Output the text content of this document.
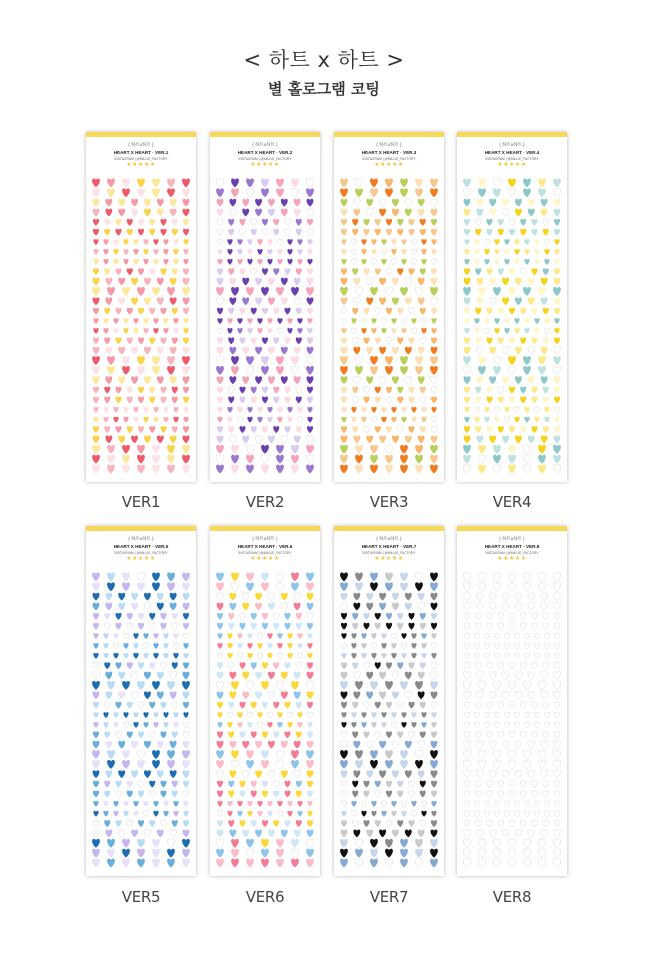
< 하트 x 하트 >
별 홀로그램 코팅
( 하트x하트 )
HEART X HEART · VER.1
INSTAGRAM | @MILLIE_FACTORY
★★★★★
VER1
( 하트x하트 )
HEART X HEART · VER.2
INSTAGRAM | @MILLIE_FACTORY
★★★★★
VER2
( 하트x하트 )
HEART X HEART · VER.3
INSTAGRAM | @MILLIE_FACTORY
★★★★★
VER3
( 하트x하트 )
HEART X HEART · VER.4
INSTAGRAM | @MILLIE_FACTORY
★★★★★
VER4
( 하트x하트 )
HEART X HEART · VER.5
INSTAGRAM | @MILLIE_FACTORY
★★★★★
VER5
( 하트x하트 )
HEART X HEART · VER.6
INSTAGRAM | @MILLIE_FACTORY
★★★★★
VER6
( 하트x하트 )
HEART X HEART · VER.7
INSTAGRAM | @MILLIE_FACTORY
★★★★★
VER7
( 하트x하트 )
HEART X HEART · VER.8
INSTAGRAM | @MILLIE_FACTORY
★★★★★
VER8
